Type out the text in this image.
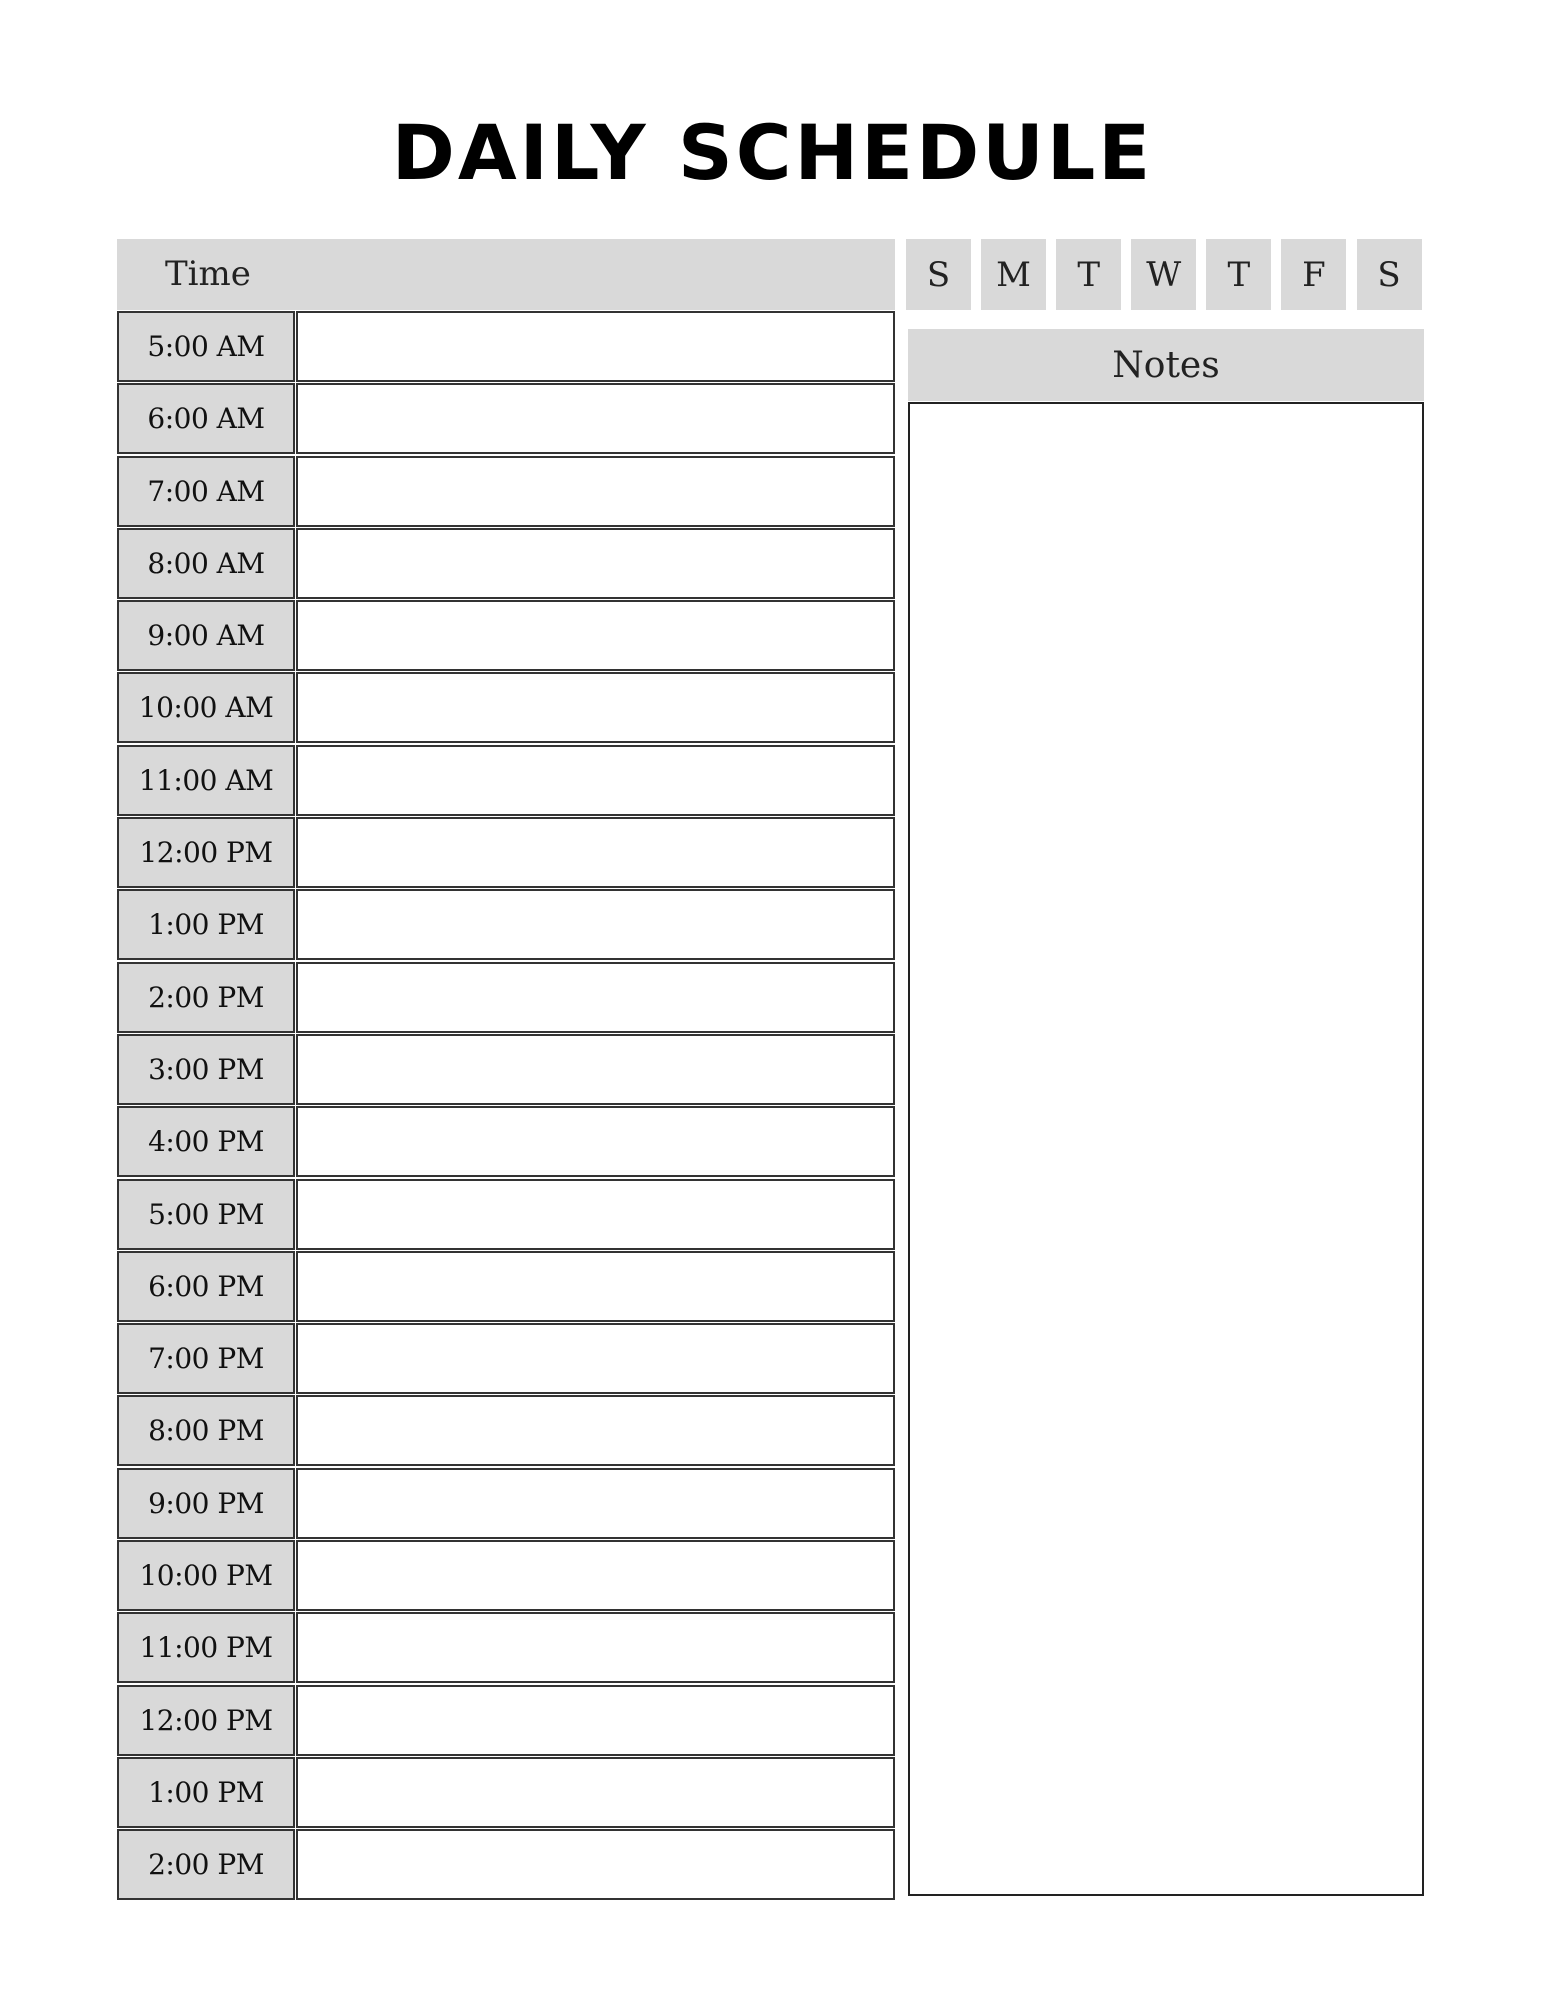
DAILY SCHEDULE
Time
5:00 AM
6:00 AM
7:00 AM
8:00 AM
9:00 AM
10:00 AM
11:00 AM
12:00 PM
1:00 PM
2:00 PM
3:00 PM
4:00 PM
5:00 PM
6:00 PM
7:00 PM
8:00 PM
9:00 PM
10:00 PM
11:00 PM
12:00 PM
1:00 PM
2:00 PM
S	M	T	W	T	F	S
Notes
